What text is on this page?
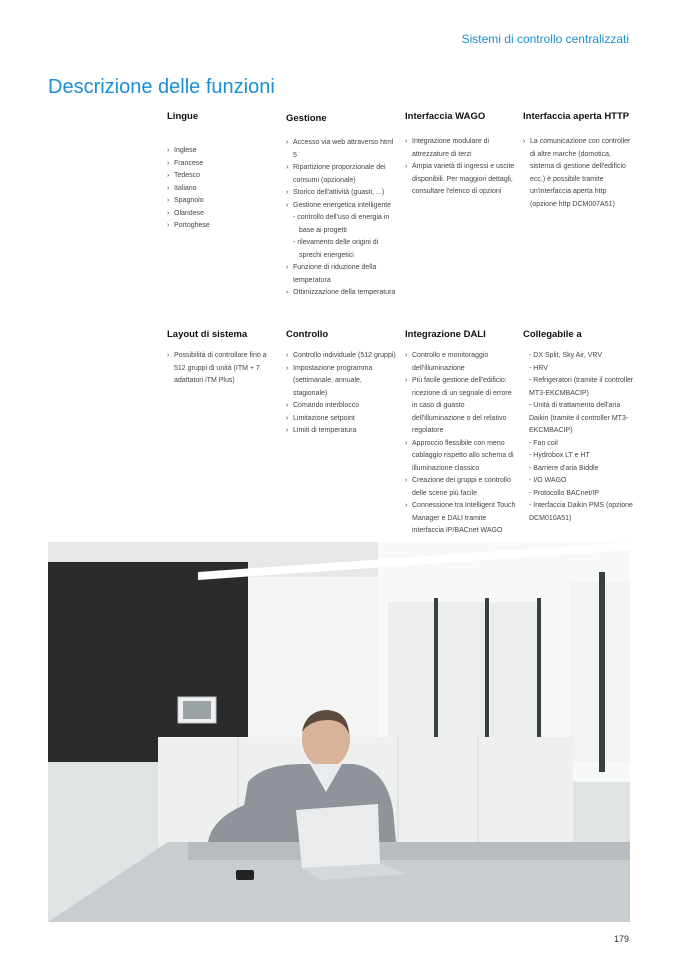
Sistemi di controllo centralizzati
Descrizione delle funzioni
Lingue
› Inglese
› Francese
› Tedesco
› Italiano
› Spagnolo
› Olandese
› Portoghese
Gestione
› Accesso via web attraverso html 5
› Ripartizione proporzionale dei consumi (opzionale)
› Storico dell'attività (guasti, ...)
› Gestione energetica intelligente
- controllo dell'uso di energia in base ai progetti
- rilevamento delle origini di sprechi energetici
› Funzione di riduzione della temperatura
› Ottimizzazione della temperatura
Interfaccia WAGO
› Integrazione modulare di attrezzature di terzi
› Ampia varietà di ingressi e uscite disponibili. Per maggiori dettagli, consultare l'elenco di opzioni
Interfaccia aperta HTTP
› La comunicazione con controller di altre marche (domotica, sistema di gestione dell'edificio ecc.) è possibile tramite un'interfaccia aperta http (opzione http DCM007A51)
Layout di sistema
› Possibilità di controllare fino a 512 gruppi di unità (ITM + 7 adattatori iTM Plus)
Controllo
› Controllo individuale (512 gruppi)
› Impostazione programma (settimanale, annuale, stagionale)
› Comando interblocco
› Limitazione setpoint
› Limiti di temperatura
Integrazione DALI
› Controllo e monitoraggio dell'illuminazione
› Più facile gestione dell'edificio: ricezione di un segnale di errore in caso di guasto dell'illuminazione o del relativo regolatore
› Approccio flessibile con meno cablaggio rispetto allo schema di illuminazione classico
› Creazione dei gruppi e controllo delle scene più facile
› Connessione tra Intelligent Touch Manager e DALI tramite interfaccia IP/BACnet WAGO
Collegabile a
- DX Split, Sky Air, VRV
- HRV
- Refrigeratori (tramite il controller MT3-EKCMBACIP)
- Unità di trattamento dell'aria Daikin (tramite il controller MT3-EKCMBACIP)
- Fan coil
- Hydrobox LT e HT
- Barriere d'aria Biddle
- I/O WAGO
- Protocollo BACnet/IP
- Interfaccia Daikin PMS (opzione DCM010A51)
179
